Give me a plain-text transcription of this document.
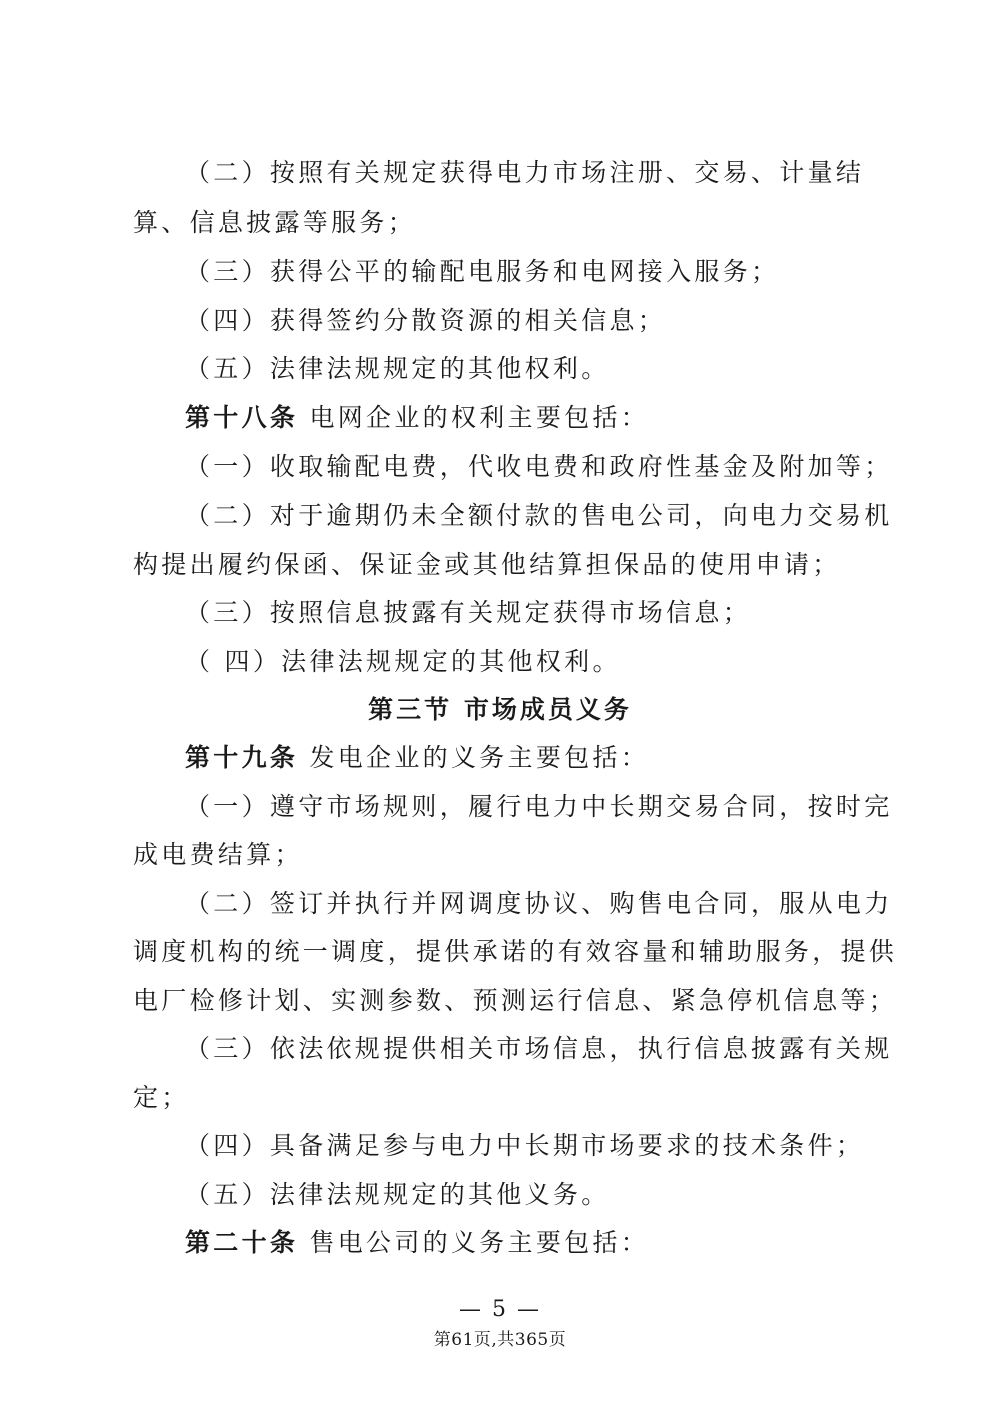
（二）按照有关规定获得电力市场注册、交易、计量结
算、信息披露等服务；
（三）获得公平的输配电服务和电网接入服务；
（四）获得签约分散资源的相关信息；
（五）法律法规规定的其他权利。
第十八条 电网企业的权利主要包括：
（一）收取输配电费，代收电费和政府性基金及附加等；
（二）对于逾期仍未全额付款的售电公司，向电力交易机
构提出履约保函、保证金或其他结算担保品的使用申请；
（三）按照信息披露有关规定获得市场信息；
（ 四）法律法规规定的其他权利。
第三节 市场成员义务
第十九条 发电企业的义务主要包括：
（一）遵守市场规则，履行电力中长期交易合同，按时完
成电费结算；
（二）签订并执行并网调度协议、购售电合同，服从电力
调度机构的统一调度，提供承诺的有效容量和辅助服务，提供
电厂检修计划、实测参数、预测运行信息、紧急停机信息等；
（三）依法依规提供相关市场信息，执行信息披露有关规
定；
（四）具备满足参与电力中长期市场要求的技术条件；
（五）法律法规规定的其他义务。
第二十条 售电公司的义务主要包括：
— 5 —
第61页,共365页
